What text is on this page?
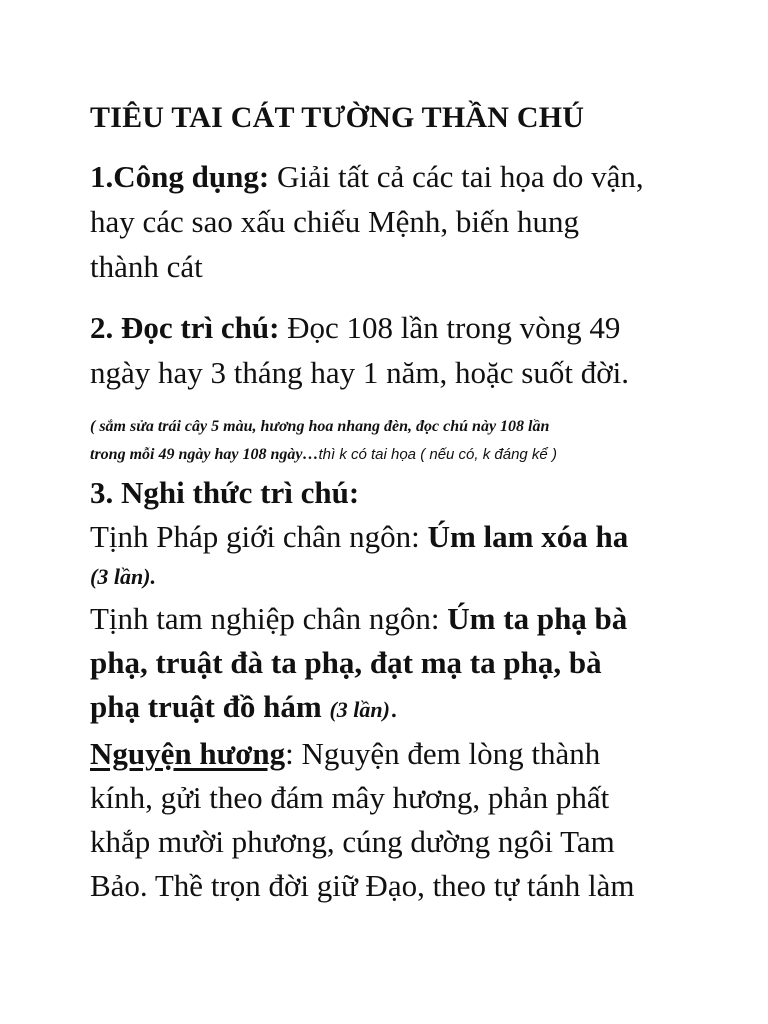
TIÊU TAI CÁT TƯỜNG THẦN CHÚ
1.Công dụng: Giải tất cả các tai họa do vận,
hay các sao xấu chiếu Mệnh, biến hung
thành cát
2. Đọc trì chú: Đọc 108 lần trong vòng 49
ngày hay 3 tháng hay 1 năm, hoặc suốt đời.
( sắm sửa trái cây 5 màu, hương hoa nhang đèn, đọc chú này 108 lần
trong mỗi 49 ngày hay 108 ngày…thì k có tai họa ( nếu có, k đáng kể )
3. Nghi thức trì chú:
Tịnh Pháp giới chân ngôn: Úm lam xóa ha
(3 lần).
Tịnh tam nghiệp chân ngôn: Úm ta phạ bà
phạ, truật đà ta phạ, đạt mạ ta phạ, bà
phạ truật đồ hám (3 lần).
Nguyện hương: Nguyện đem lòng thành
kính, gửi theo đám mây hương, phản phất
khắp mười phương, cúng dường ngôi Tam
Bảo. Thề trọn đời giữ Đạo, theo tự tánh làm
